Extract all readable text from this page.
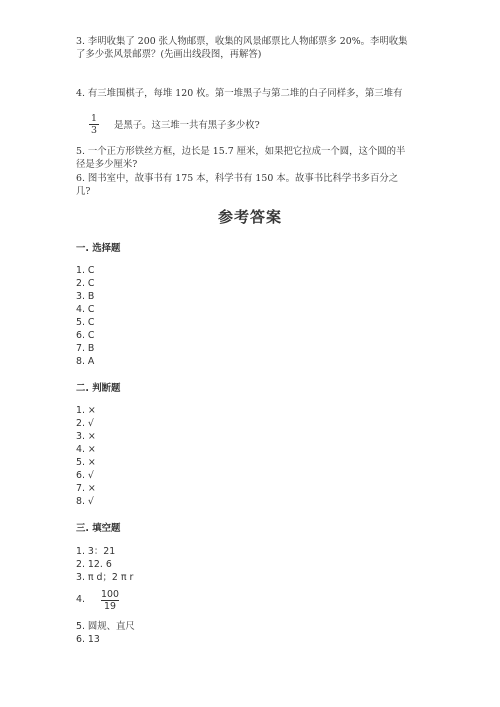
3. 李明收集了 200 张人物邮票，收集的风景邮票比人物邮票多 20%。李明收集
了多少张风景邮票？(先画出线段图，再解答)
4. 有三堆围棋子，每堆 120 枚。第一堆黑子与第二堆的白子同样多，第三堆有
1
3 是黑子。这三堆一共有黑子多少枚?
5. 一个正方形铁丝方框，边长是 15.7 厘米，如果把它拉成一个圆，这个圆的半
径是多少厘米?
6. 图书室中，故事书有 175 本，科学书有 150 本。故事书比科学书多百分之
几?
参考答案
一. 选择题
1. C
2. C
3. B
4. C
5. C
6. C
7. B
8. A
二. 判断题
1. ×
2. √
3. ×
4. ×
5. ×
6. √
7. ×
8. √
三. 填空题
1. 3：21
2. 12. 6
3. π d；2 π r
4. 100
19
5. 圆规、直尺
6. 13
